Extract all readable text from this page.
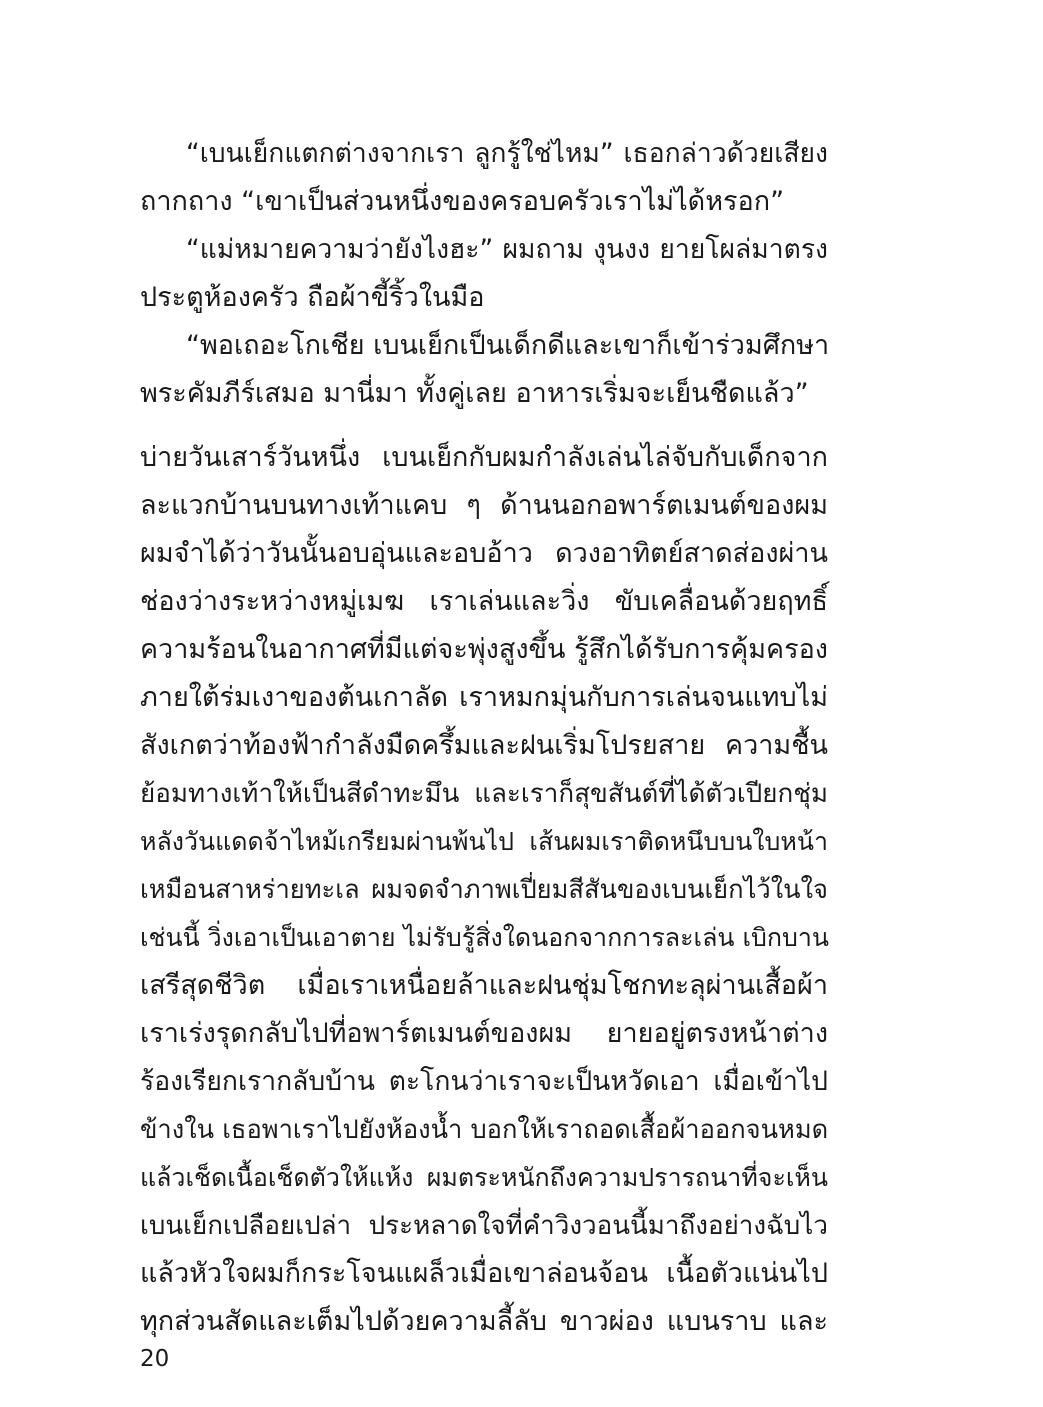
“เบนเย็กแตกต่างจากเรา ลูกรู้ใช่ไหม” เธอกล่าวด้วยเสียง
ถากถาง “เขาเป็นส่วนหนึ่งของครอบครัวเราไม่ได้หรอก”
“แม่หมายความว่ายังไงฮะ” ผมถาม งุนงง ยายโผล่มาตรง
ประตูห้องครัว ถือผ้าขี้ริ้วในมือ
“พอเถอะโกเชีย เบนเย็กเป็นเด็กดีและเขาก็เข้าร่วมศึกษา
พระคัมภีร์เสมอ มานี่มา ทั้งคู่เลย อาหารเริ่มจะเย็นชืดแล้ว”
บ่ายวันเสาร์วันหนึ่ง เบนเย็กกับผมกำลังเล่นไล่จับกับเด็กจาก
ละแวกบ้านบนทางเท้าแคบ ๆ ด้านนอกอพาร์ตเมนต์ของผม
ผมจำได้ว่าวันนั้นอบอุ่นและอบอ้าว ดวงอาทิตย์สาดส่องผ่าน
ช่องว่างระหว่างหมู่เมฆ เราเล่นและวิ่ง ขับเคลื่อนด้วยฤทธิ์
ความร้อนในอากาศที่มีแต่จะพุ่งสูงขึ้น รู้สึกได้รับการคุ้มครอง
ภายใต้ร่มเงาของต้นเกาลัด เราหมกมุ่นกับการเล่นจนแทบไม่
สังเกตว่าท้องฟ้ากำลังมืดครึ้มและฝนเริ่มโปรยสาย ความชื้น
ย้อมทางเท้าให้เป็นสีดำทะมึน และเราก็สุขสันต์ที่ได้ตัวเปียกชุ่ม
หลังวันแดดจ้าไหม้เกรียมผ่านพ้นไป เส้นผมเราติดหนึบบนใบหน้า
เหมือนสาหร่ายทะเล ผมจดจำภาพเปี่ยมสีสันของเบนเย็กไว้ในใจ
เช่นนี้ วิ่งเอาเป็นเอาตาย ไม่รับรู้สิ่งใดนอกจากการละเล่น เบิกบาน
เสรีสุดชีวิต เมื่อเราเหนื่อยล้าและฝนชุ่มโชกทะลุผ่านเสื้อผ้า
เราเร่งรุดกลับไปที่อพาร์ตเมนต์ของผม ยายอยู่ตรงหน้าต่าง
ร้องเรียกเรากลับบ้าน ตะโกนว่าเราจะเป็นหวัดเอา เมื่อเข้าไป
ข้างใน เธอพาเราไปยังห้องน้ำ บอกให้เราถอดเสื้อผ้าออกจนหมด
แล้วเช็ดเนื้อเช็ดตัวให้แห้ง ผมตระหนักถึงความปรารถนาที่จะเห็น
เบนเย็กเปลือยเปล่า ประหลาดใจที่คำวิงวอนนี้มาถึงอย่างฉับไว
แล้วหัวใจผมก็กระโจนแผล็วเมื่อเขาล่อนจ้อน เนื้อตัวแน่นไป
ทุกส่วนสัดและเต็มไปด้วยความลี้ลับ ขาวผ่อง แบนราบ และ
20
